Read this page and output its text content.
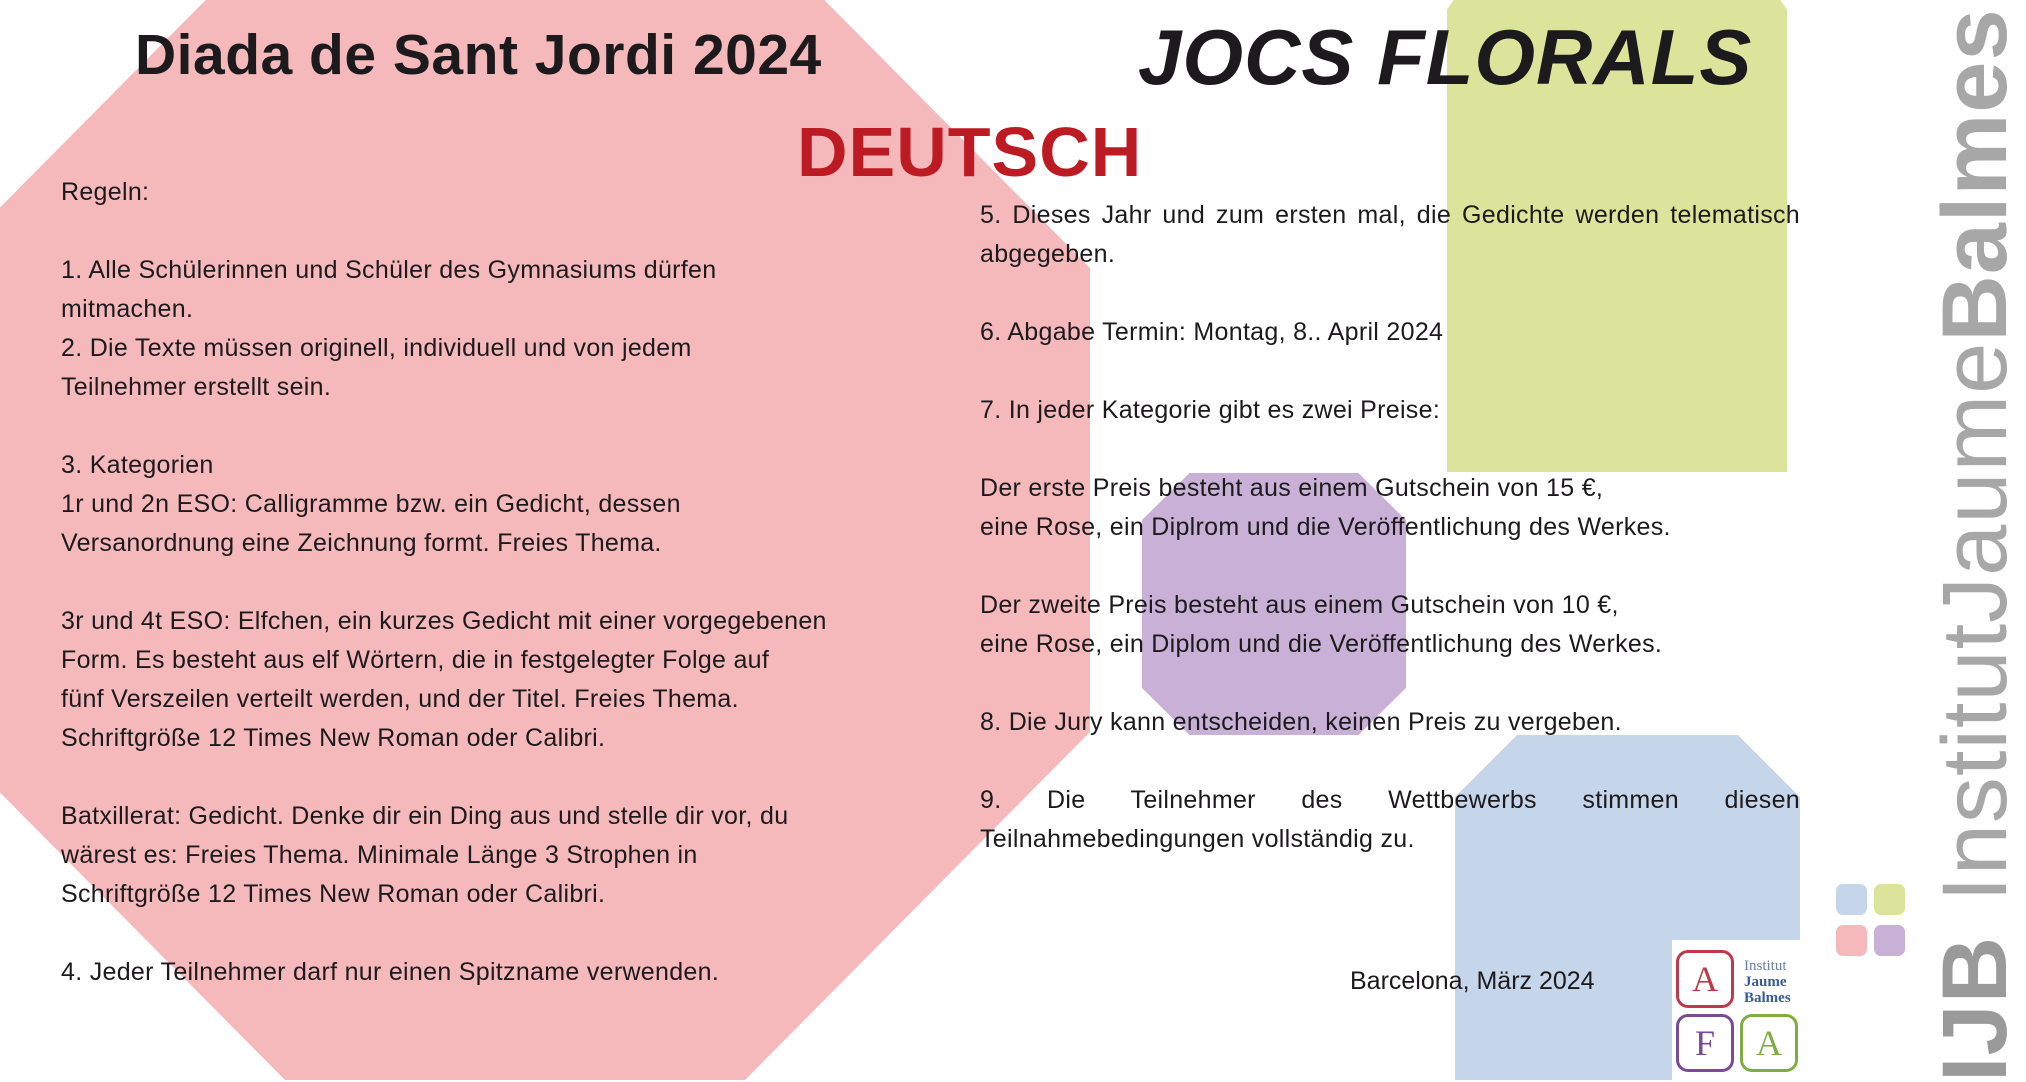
Diada de Sant Jordi 2024	JOCS FLORALS
DEUTSCH

Regeln:

1. Alle Schülerinnen und Schüler des Gymnasiums dürfen
mitmachen.

2. Die Texte müssen originell, individuell und von jedem
Teilnehmer erstellt sein.

3. Kategorien

1r und 2n ESO: Calligramme bzw. ein Gedicht, dessen
Versanordnung eine Zeichnung formt. Freies Thema.

3r und 4t ESO: Elfchen, ein kurzes Gedicht mit einer vorgegebenen
Form. Es besteht aus elf Wörtern, die in festgelegter Folge auf
fünf Verszeilen verteilt werden, und der Titel. Freies Thema.
Schriftgröße 12 Times New Roman oder Calibri.

Batxillerat: Gedicht. Denke dir ein Ding aus und stelle dir vor, du
wärest es: Freies Thema. Minimale Länge 3 Strophen in
Schriftgröße 12 Times New Roman oder Calibri.

4. Jeder Teilnehmer darf nur einen Spitzname verwenden.

5. Dieses Jahr und zum ersten mal, die Gedichte werden telematisch abgegeben.

6. Abgabe Termin: Montag, 8.. April 2024

7. In jeder Kategorie gibt es zwei Preise:

Der erste Preis besteht aus einem Gutschein von 15 €,
eine Rose, ein Diplrom und die Veröffentlichung des Werkes.

Der zweite Preis besteht aus einem Gutschein von 10 €,
eine Rose, ein Diplom und die Veröffentlichung des Werkes.

8. Die Jury kann entscheiden, keinen Preis zu vergeben.

9. Die Teilnehmer des Wettbewerbs stimmen diesen Teilnahmebedingungen vollständig zu.

Barcelona, März 2024	A	Institut
Jaume
Balmes
F	A IJBInstitutJaumeBalmes
